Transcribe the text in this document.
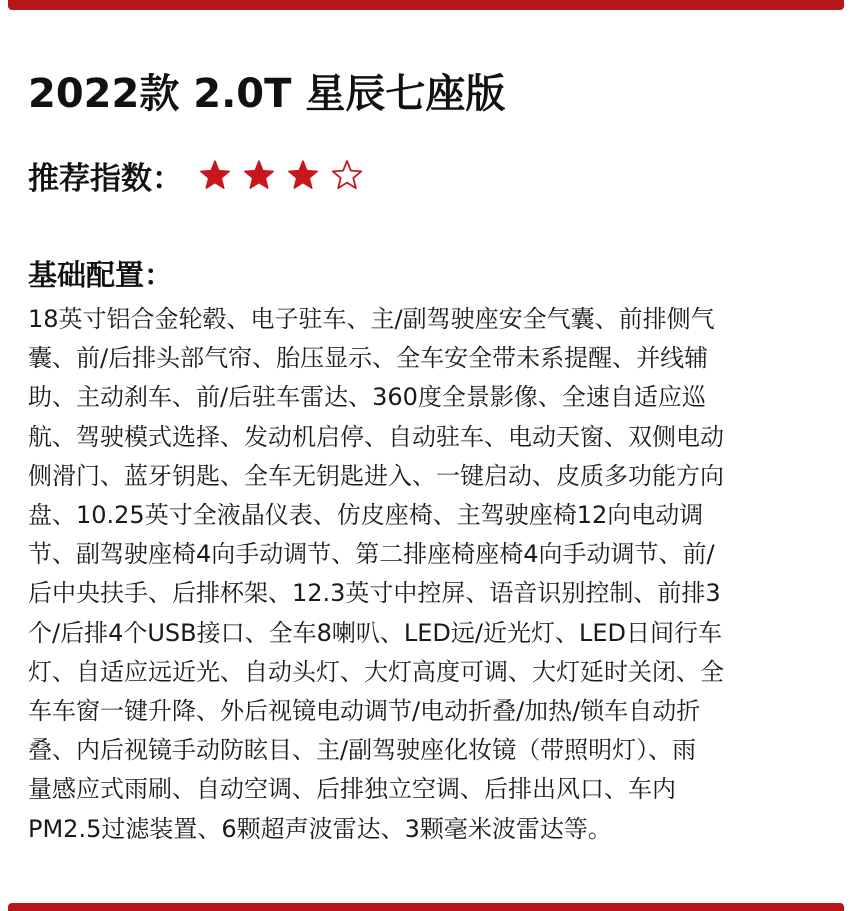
2022款 2.0T 星辰七座版
推荐指数：
基础配置：
18英寸铝合金轮毂、电子驻车、主/副驾驶座安全气囊、前排侧气
囊、前/后排头部气帘、胎压显示、全车安全带未系提醒、并线辅
助、主动刹车、前/后驻车雷达、360度全景影像、全速自适应巡
航、驾驶模式选择、发动机启停、自动驻车、电动天窗、双侧电动
侧滑门、蓝牙钥匙、全车无钥匙进入、一键启动、皮质多功能方向
盘、10.25英寸全液晶仪表、仿皮座椅、主驾驶座椅12向电动调
节、副驾驶座椅4向手动调节、第二排座椅座椅4向手动调节、前/
后中央扶手、后排杯架、12.3英寸中控屏、语音识别控制、前排3
个/后排4个USB接口、全车8喇叭、LED远/近光灯、LED日间行车
灯、自适应远近光、自动头灯、大灯高度可调、大灯延时关闭、全
车车窗一键升降、外后视镜电动调节/电动折叠/加热/锁车自动折
叠、内后视镜手动防眩目、主/副驾驶座化妆镜（带照明灯）、雨
量感应式雨刷、自动空调、后排独立空调、后排出风口、车内
PM2.5过滤装置、6颗超声波雷达、3颗毫米波雷达等。
